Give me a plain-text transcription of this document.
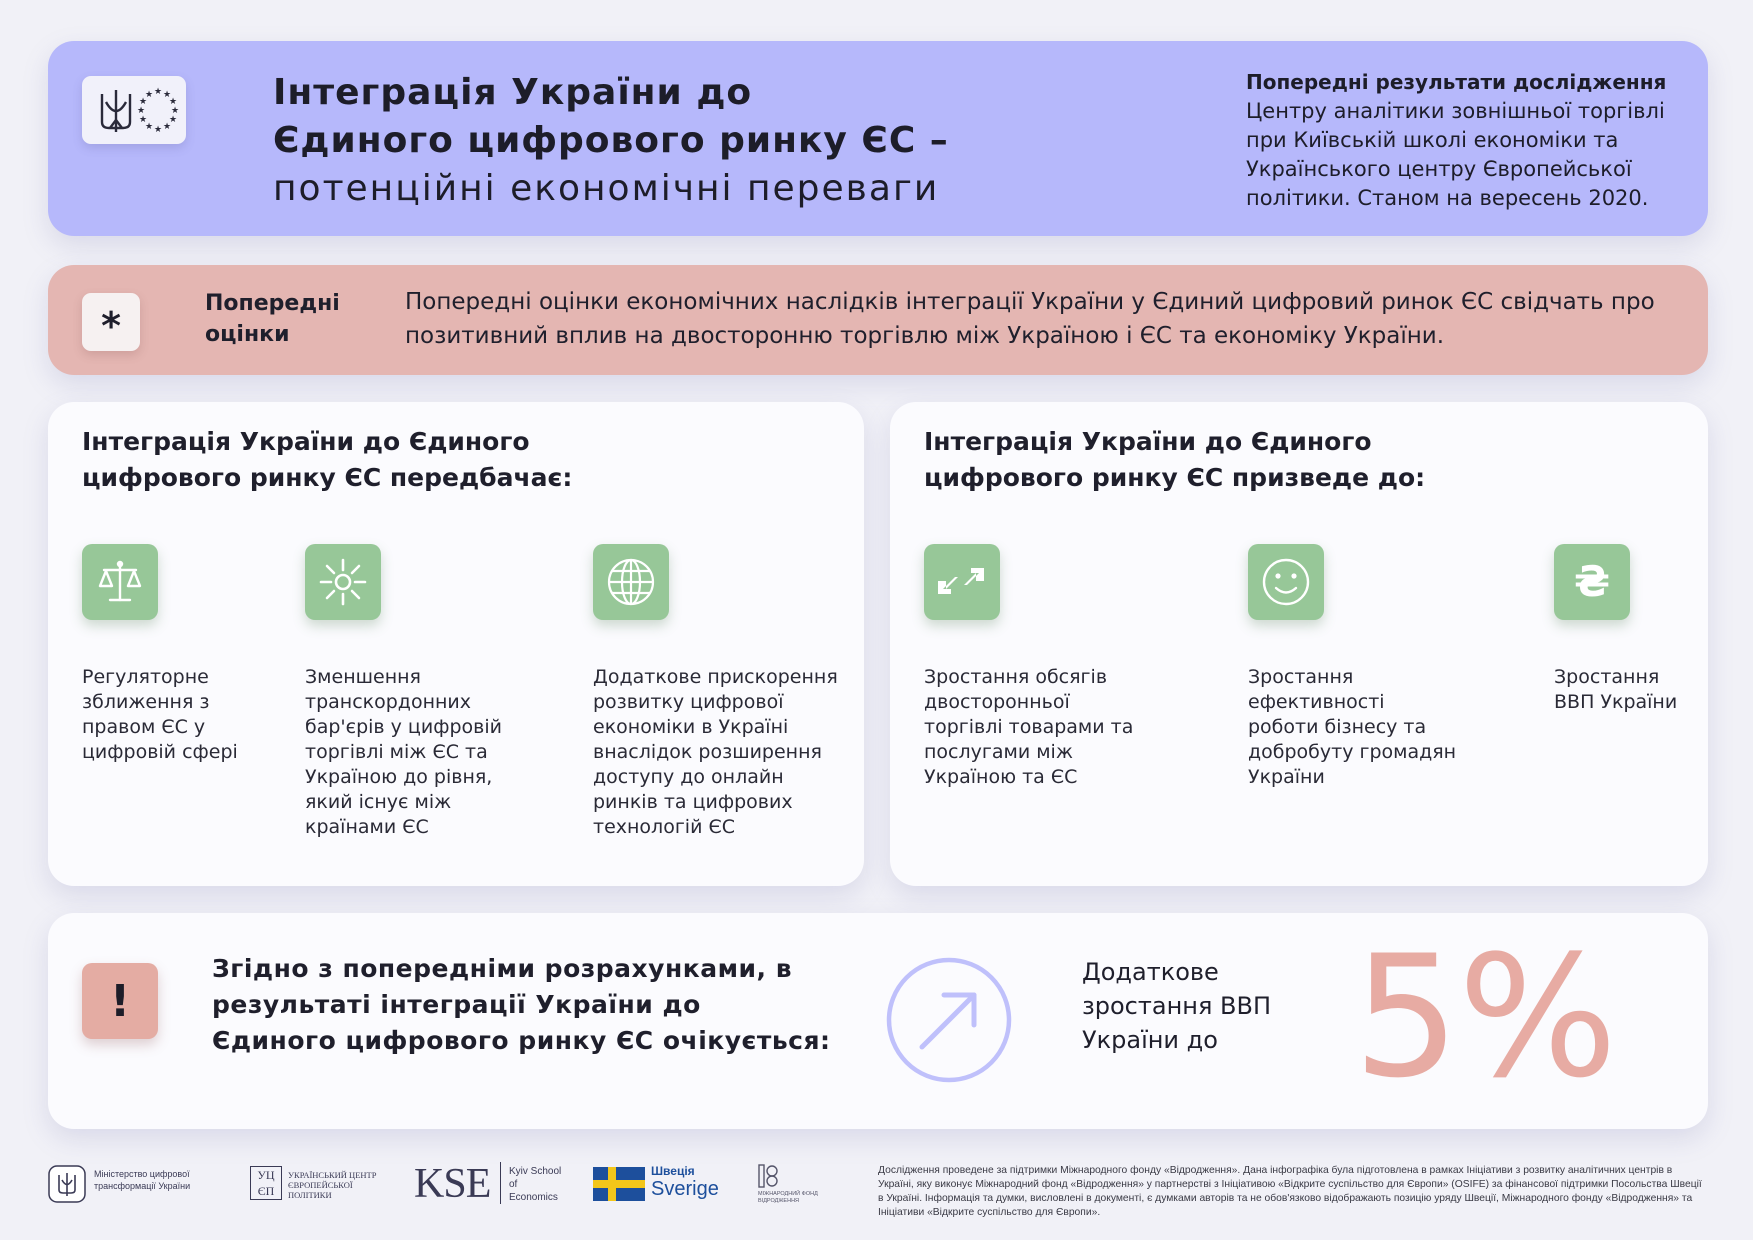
★ ★
★
★
★
★
★
★
★
★
★
★	Інтеграція України до
Єдиного цифрового ринку ЄС –
потенційні економічні переваги
Попередні результати дослідження
Центру аналітики зовнішньої торгівлі при Київській школі економіки та Українського центру Європейської політики. Станом на вересень 2020.
*
Попередні оцінки
Попередні оцінки економічних наслідків інтеграції України у Єдиний цифровий ринок ЄС свідчать про позитивний вплив на двосторонню торгівлю між Україною і ЄС та економіку України.
Інтеграція України до Єдиного
цифрового ринку ЄС передбачає:
Регуляторне зближення з правом ЄС у цифровій сфері
Зменшення транскордонних бар'єрів у цифровій торгівлі між ЄС та Україною до рівня, який існує між країнами ЄС
Додаткове прискорення розвитку цифрової економіки в Україні внаслідок розширення доступу до онлайн ринків та цифрових технологій ЄС
Інтеграція України до Єдиного
цифрового ринку ЄС призведе до:
Зростання обсягів двосторонньої торгівлі товарами та послугами між Україною та ЄС
Зростання ефективності роботи бізнесу та добробуту громадян України
₴
Зростання ВВП України
!
Згідно з попередніми розрахунками, в результаті інтеграції України до Єдиного цифрового ринку ЄС очікується:
Додаткове зростання ВВП України до 5%
Міністерство цифрової трансформації України
УЦ ЄП
УКРАЇНСЬКИЙ ЦЕНТР ЄВРОПЕЙСЬКОЇ ПОЛІТИКИ	KSE Kyiv School of Economics
Швеція
Sverige	МІЖНАРОДНИЙ ФОНД ВІДРОДЖЕННЯ
Дослідження проведене за підтримки Міжнародного фонду «Відродження». Дана інфографіка була підготовлена в рамках Ініціативи з розвитку аналітичних центрів в Україні, яку виконує Міжнародний фонд «Відродження» у партнерстві з Ініціативою «Відкрите суспільство для Європи» (OSIFE) за фінансової підтримки Посольства Швеції в Україні. Інформація та думки, висловлені в документі, є думками авторів та не обов'язково відображають позицію уряду Швеції, Міжнародного фонду «Відродження» та Ініціативи «Відкрите суспільство для Європи».
